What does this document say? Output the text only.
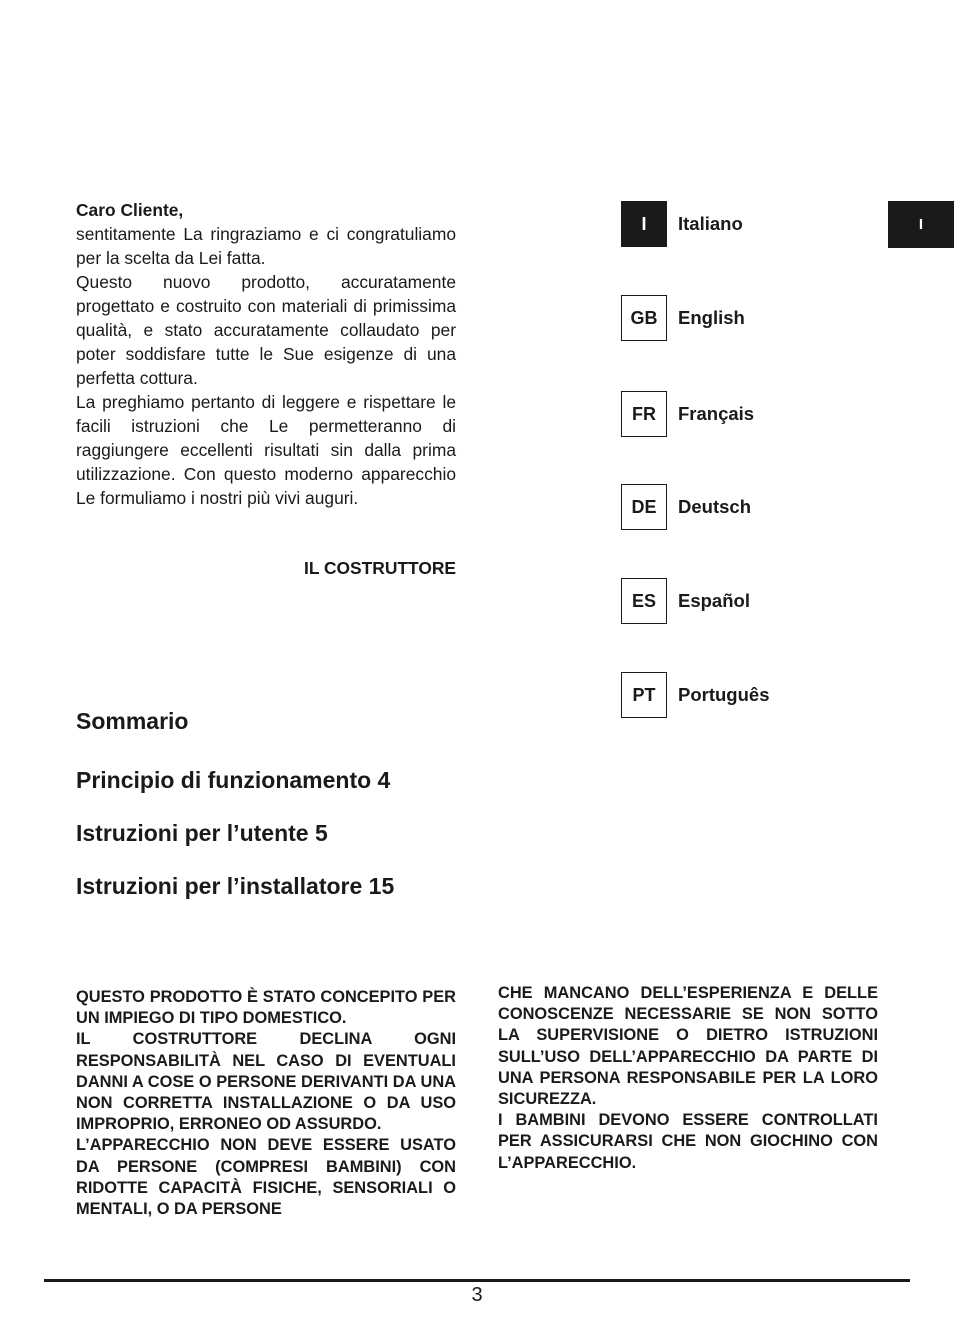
Caro Cliente,

sentitamente La ringraziamo e ci congratuliamo per la scelta da Lei fatta.

Questo nuovo prodotto, accuratamente progettato e costruito con materiali di primissima qualità, e stato accuratamente collaudato per poter soddisfare tutte le Sue esigenze di una perfetta cottura.

La preghiamo pertanto di leggere e rispettare le facili istruzioni che Le permetteranno di raggiungere eccellenti risultati sin dalla prima utilizzazione. Con questo moderno apparecchio Le formuliamo i nostri più vivi auguri.

IL COSTRUTTORE
I	Italiano
GB	English
FR	Français
DE	Deutsch
ES	Español
PT	Português
I
Sommario
Principio di funzionamento 4
Istruzioni per l’utente 5
Istruzioni per l’installatore 15

QUESTO PRODOTTO È STATO CONCEPITO PER UN IMPIEGO DI TIPO DOMESTICO.

IL COSTRUTTORE DECLINA OGNI RESPONSABILITÀ NEL CASO DI EVENTUALI DANNI A COSE O PERSONE DERIVANTI DA UNA NON CORRETTA INSTALLAZIONE O DA USO IMPROPRIO, ERRONEO OD ASSURDO.

L’APPARECCHIO NON DEVE ESSERE USATO DA PERSONE (COMPRESI BAMBINI) CON RIDOTTE CAPACITÀ FISICHE, SENSORIALI O MENTALI, O DA PERSONE

CHE MANCANO DELL’ESPERIENZA E DELLE CONOSCENZE NECESSARIE SE NON SOTTO LA SUPERVISIONE O DIETRO ISTRUZIONI SULL’USO DELL’APPARECCHIO DA PARTE DI UNA PERSONA RESPONSABILE PER LA LORO SICUREZZA.

I BAMBINI DEVONO ESSERE CONTROLLATI PER ASSICURARSI CHE NON GIOCHINO CON L’APPARECCHIO.

3
